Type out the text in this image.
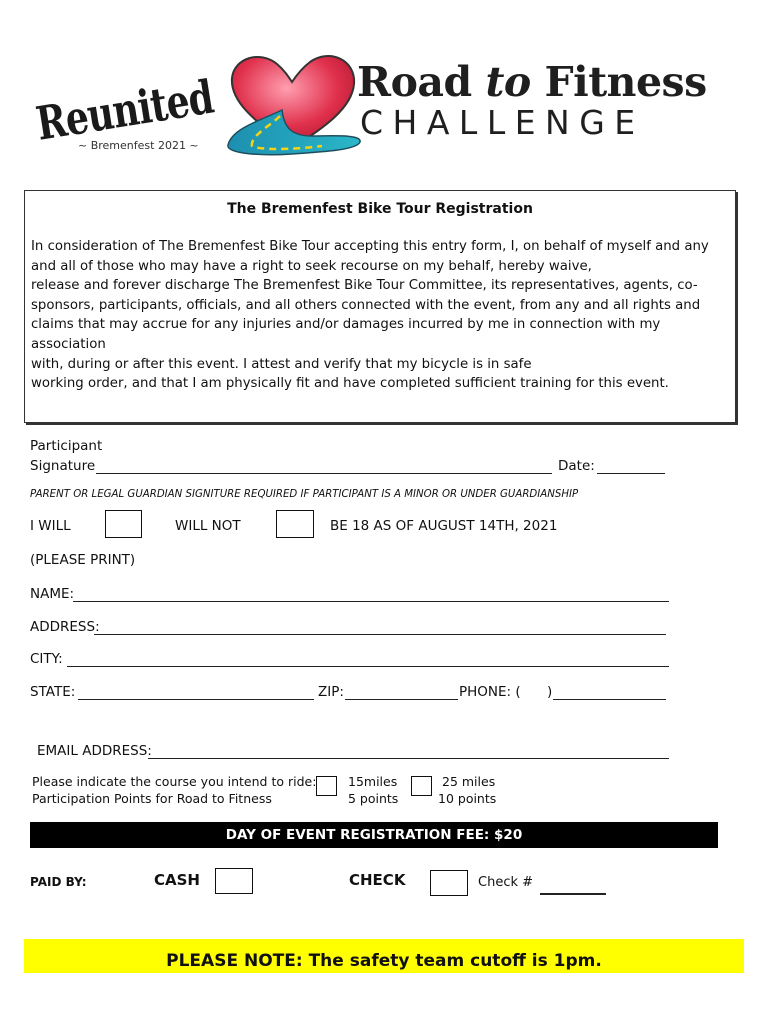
Reunited
~ Bremenfest 2021 ~
Road to Fitness
CHALLENGE
The Bremenfest Bike Tour Registration
In consideration of The Bremenfest Bike Tour accepting this entry form, I, on behalf of myself and any
and all of those who may have a right to seek recourse on my behalf, hereby waive,
release and forever discharge The Bremenfest Bike Tour Committee, its representatives, agents, co-
sponsors, participants, officials, and all others connected with the event, from any and all rights and
claims that may accrue for any injuries and/or damages incurred by me in connection with my association
with, during or after this event. I attest and verify that my bicycle is in safe
working order, and that I am physically fit and have completed sufficient training for this event.
Participant
Signature	Date:
PARENT OR LEGAL GUARDIAN SIGNITURE REQUIRED IF PARTICIPANT IS A MINOR OR UNDER GUARDIANSHIP
I WILL	WILL NOT	BE 18 AS OF AUGUST 14TH, 2021
(PLEASE PRINT)
NAME:
ADDRESS:
CITY:
STATE:	ZIP:	PHONE: ( )
EMAIL ADDRESS:
Please indicate the course you intend to ride:
Participation Points for Road to Fitness
15miles
5 points
25 miles
10 points
DAY OF EVENT REGISTRATION FEE: $20
PAID BY:	CASH	CHECK	Check #
PLEASE NOTE: The safety team cutoff is 1pm.
